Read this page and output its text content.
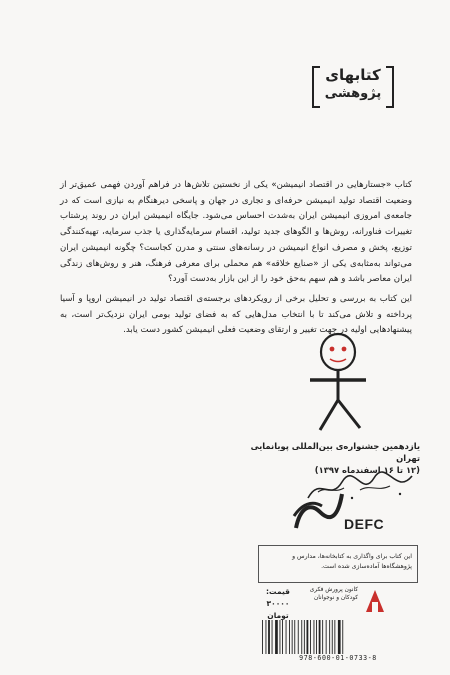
کتابهای
پژوهشی

کتاب «جستارهایی در اقتصاد انیمیشن» یکی از نخستین تلاش‌ها در فراهم آوردن فهمی عمیق‌تر از وضعیت اقتصاد تولید انیمیشن حرفه‌ای و تجاری در جهان و پاسخی دیرهنگام به نیازی است که در جامعه‌ی امروزی انیمیشن ایران به‌شدت احساس می‌شود. جایگاه انیمیشن ایران در روند پرشتاب تغییرات فناورانه، روش‌ها و الگوهای جدید تولید، اقسام سرمایه‌گذاری یا جذب سرمایه، تهیه‌کنندگی توزیع، پخش و مصرف انواع انیمیشن در رسانه‌های سنتی و مدرن کجاست؟ چگونه انیمیشن ایران می‌تواند به‌مثابه‌ی یکی از «صنایع خلاقه» هم محملی برای معرفی فرهنگ، هنر و روش‌های زندگی ایران معاصر باشد و هم سهم به‌حق خود را از این بازار به‌دست آورد؟

این کتاب به بررسی و تحلیل برخی از رویکردهای برجسته‌ی اقتصاد تولید در انیمیشن اروپا و آسیا پرداخته و تلاش می‌کند تا با انتخاب مدل‌هایی که به فضای تولید بومی ایران نزدیک‌تر است، به پیشنهادهایی اولیه در جهت تغییر و ارتقای وضعیت فعلی انیمیشن کشور دست یابد.

یازدهمین جشنواره‌ی بین‌المللی پویانمایی تهران
(۱۲ تا ۱۶ اسفندماه ۱۳۹۷)
DEFC
این کتاب برای واگذاری به کتابخانه‌ها، مدارس و پژوهشگاه‌ها آماده‌سازی شده است.
کانون پرورش فکری
کودکان و نوجوانان
قیمت:
۳۰۰۰۰ تومان
978-600-01-0733-8
